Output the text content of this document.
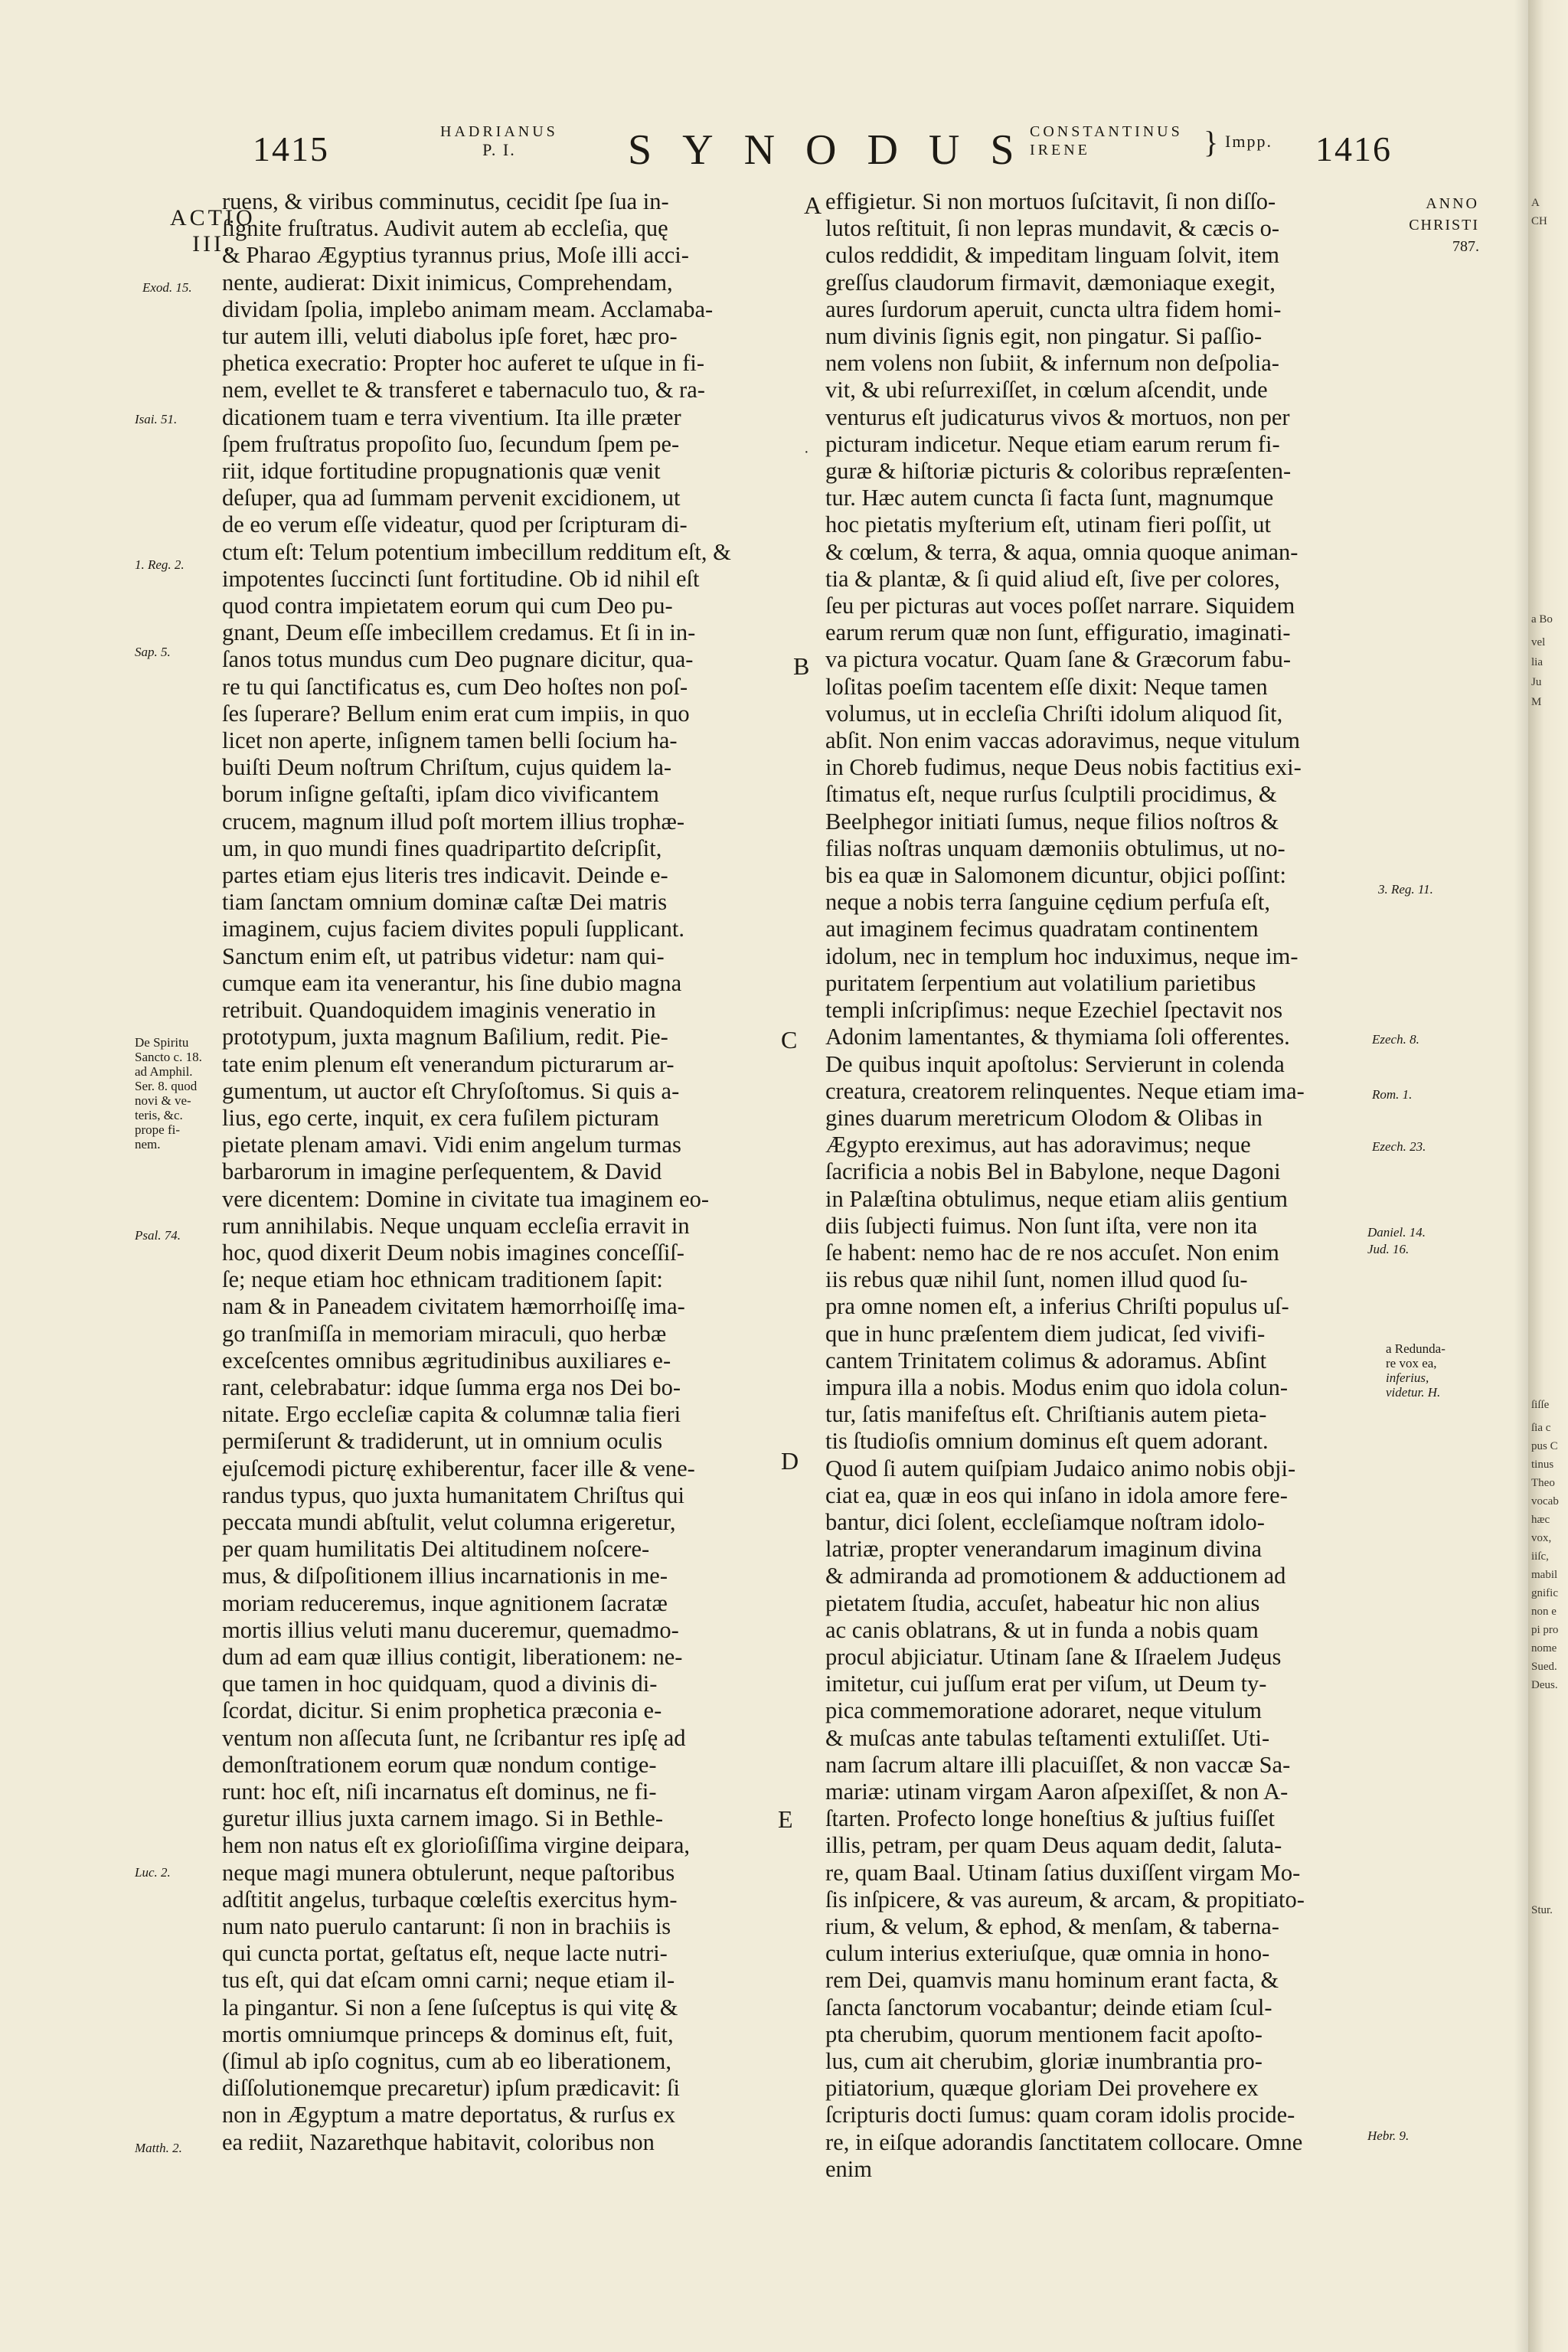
1415	HADRIANUS
P. I.	SYNODUS
CONSTANTINUS
IRENE	} Impp. 1416
ACTIO
III.
Exod. 15.
Isai. 51.
1. Reg. 2.
Sap. 5.
De Spiritu
Sancto c. 18.
ad Amphil.
Ser. 8. quod
novi & ve-
teris, &c.
prope fi-
nem.
Psal. 74.
Luc. 2.
Matth. 2.
A
B
C
D
E
·

ruens, & viribus comminutus, cecidit ſpe ſua in-

ſignite fruſtratus. Audivit autem ab eccleſia, quę

& Pharao Ægyptius tyrannus prius, Moſe illi acci-

nente, audierat: Dixit inimicus, Comprehendam,

dividam ſpolia, implebo animam meam. Acclamaba-

tur autem illi, veluti diabolus ipſe foret, hæc pro-

phetica execratio: Propter hoc auferet te uſque in fi-

nem, evellet te & transferet e tabernaculo tuo, & ra-

dicationem tuam e terra viventium. Ita ille præter

ſpem fruſtratus propoſito ſuo, ſecundum ſpem pe-

riit, idque fortitudine propugnationis quæ venit

deſuper, qua ad ſummam pervenit excidionem, ut

de eo verum eſſe videatur, quod per ſcripturam di-

ctum eſt: Telum potentium imbecillum redditum eſt, &

impotentes ſuccincti ſunt fortitudine. Ob id nihil eſt

quod contra impietatem eorum qui cum Deo pu-

gnant, Deum eſſe imbecillem credamus. Et ſi in in-

ſanos totus mundus cum Deo pugnare dicitur, qua-

re tu qui ſanctificatus es, cum Deo hoſtes non poſ-

ſes ſuperare? Bellum enim erat cum impiis, in quo

licet non aperte, inſignem tamen belli ſocium ha-

buiſti Deum noſtrum Chriſtum, cujus quidem la-

borum inſigne geſtaſti, ipſam dico vivificantem

crucem, magnum illud poſt mortem illius trophæ-

um, in quo mundi fines quadripartito deſcripſit,

partes etiam ejus literis tres indicavit. Deinde e-

tiam ſanctam omnium dominæ caſtæ Dei matris

imaginem, cujus faciem divites populi ſupplicant.

Sanctum enim eſt, ut patribus videtur: nam qui-

cumque eam ita venerantur, his ſine dubio magna

retribuit. Quandoquidem imaginis veneratio in

prototypum, juxta magnum Baſilium, redit. Pie-

tate enim plenum eſt venerandum picturarum ar-

gumentum, ut auctor eſt Chryſoſtomus. Si quis a-

lius, ego certe, inquit, ex cera fuſilem picturam

pietate plenam amavi. Vidi enim angelum turmas

barbarorum in imagine perſequentem, & David

vere dicentem: Domine in civitate tua imaginem eo-

rum annihilabis. Neque unquam eccleſia erravit in

hoc, quod dixerit Deum nobis imagines conceſſiſ-

ſe; neque etiam hoc ethnicam traditionem ſapit:

nam & in Paneadem civitatem hæmorrhoiſſę ima-

go tranſmiſſa in memoriam miraculi, quo herbæ

exceſcentes omnibus ægritudinibus auxiliares e-

rant, celebrabatur: idque ſumma erga nos Dei bo-

nitate. Ergo eccleſiæ capita & columnæ talia fieri

permiſerunt & tradiderunt, ut in omnium oculis

ejuſcemodi picturę exhiberentur, facer ille & vene-

randus typus, quo juxta humanitatem Chriſtus qui

peccata mundi abſtulit, velut columna erigeretur,

per quam humilitatis Dei altitudinem noſcere-

mus, & diſpoſitionem illius incarnationis in me-

moriam reduceremus, inque agnitionem ſacratæ

mortis illius veluti manu duceremur, quemadmo-

dum ad eam quæ illius contigit, liberationem: ne-

que tamen in hoc quidquam, quod a divinis di-

ſcordat, dicitur. Si enim prophetica præconia e-

ventum non aſſecuta ſunt, ne ſcribantur res ipſę ad

demonſtrationem eorum quæ nondum contige-

runt: hoc eſt, niſi incarnatus eſt dominus, ne fi-

guretur illius juxta carnem imago. Si in Bethle-

hem non natus eſt ex glorioſiſſima virgine deipara,

neque magi munera obtulerunt, neque paſtoribus

adſtitit angelus, turbaque cœleſtis exercitus hym-

num nato puerulo cantarunt: ſi non in brachiis is

qui cuncta portat, geſtatus eſt, neque lacte nutri-

tus eſt, qui dat eſcam omni carni; neque etiam il-

la pingantur. Si non a ſene ſuſceptus is qui vitę &

mortis omniumque princeps & dominus eſt, fuit,

(ſimul ab ipſo cognitus, cum ab eo liberationem,

diſſolutionemque precaretur) ipſum prædicavit: ſi

non in Ægyptum a matre deportatus, & rurſus ex

ea rediit, Nazarethque habitavit, coloribus non

effigietur. Si non mortuos ſuſcitavit, ſi non diſſo-

lutos reſtituit, ſi non lepras mundavit, & cæcis o-

culos reddidit, & impeditam linguam ſolvit, item

greſſus claudorum firmavit, dæmoniaque exegit,

aures ſurdorum aperuit, cuncta ultra fidem homi-

num divinis ſignis egit, non pingatur. Si paſſio-

nem volens non ſubiit, & infernum non deſpolia-

vit, & ubi reſurrexiſſet, in cœlum aſcendit, unde

venturus eſt judicaturus vivos & mortuos, non per

picturam indicetur. Neque etiam earum rerum fi-

guræ & hiſtoriæ picturis & coloribus repræſenten-

tur. Hæc autem cuncta ſi facta ſunt, magnumque

hoc pietatis myſterium eſt, utinam fieri poſſit, ut

& cœlum, & terra, & aqua, omnia quoque animan-

tia & plantæ, & ſi quid aliud eſt, ſive per colores,

ſeu per picturas aut voces poſſet narrare. Siquidem

earum rerum quæ non ſunt, effiguratio, imaginati-

va pictura vocatur. Quam ſane & Græcorum fabu-

loſitas poeſim tacentem eſſe dixit: Neque tamen

volumus, ut in eccleſia Chriſti idolum aliquod ſit,

abſit. Non enim vaccas adoravimus, neque vitulum

in Choreb fudimus, neque Deus nobis factitius exi-

ſtimatus eſt, neque rurſus ſculptili procidimus, &

Beelphegor initiati ſumus, neque filios noſtros &

filias noſtras unquam dæmoniis obtulimus, ut no-

bis ea quæ in Salomonem dicuntur, objici poſſint:

neque a nobis terra ſanguine cędium perfuſa eſt,

aut imaginem fecimus quadratam continentem

idolum, nec in templum hoc induximus, neque im-

puritatem ſerpentium aut volatilium parietibus

templi inſcripſimus: neque Ezechiel ſpectavit nos

Adonim lamentantes, & thymiama ſoli offerentes.

De quibus inquit apoſtolus: Servierunt in colenda

creatura, creatorem relinquentes. Neque etiam ima-

gines duarum meretricum Olodom & Olibas in

Ægypto ereximus, aut has adoravimus; neque

ſacrificia a nobis Bel in Babylone, neque Dagoni

in Palæſtina obtulimus, neque etiam aliis gentium

diis ſubjecti fuimus. Non ſunt iſta, vere non ita

ſe habent: nemo hac de re nos accuſet. Non enim

iis rebus quæ nihil ſunt, nomen illud quod ſu-

pra omne nomen eſt, a inferius Chriſti populus uſ-

que in hunc præſentem diem judicat, ſed vivifi-

cantem Trinitatem colimus & adoramus. Abſint

impura illa a nobis. Modus enim quo idola colun-

tur, ſatis manifeſtus eſt. Chriſtianis autem pieta-

tis ſtudioſis omnium dominus eſt quem adorant.

Quod ſi autem quiſpiam Judaico animo nobis obji-

ciat ea, quæ in eos qui inſano in idola amore fere-

bantur, dici ſolent, eccleſiamque noſtram idolo-

latriæ, propter venerandarum imaginum divina

& admiranda ad promotionem & adductionem ad

pietatem ſtudia, accuſet, habeatur hic non alius

ac canis oblatrans, & ut in funda a nobis quam

procul abjiciatur. Utinam ſane & Iſraelem Judęus

imitetur, cui juſſum erat per viſum, ut Deum ty-

pica commemoratione adoraret, neque vitulum

& muſcas ante tabulas teſtamenti extuliſſet. Uti-

nam ſacrum altare illi placuiſſet, & non vaccæ Sa-

mariæ: utinam virgam Aaron aſpexiſſet, & non A-

ſtarten. Profecto longe honeſtius & juſtius fuiſſet

illis, petram, per quam Deus aquam dedit, ſaluta-

re, quam Baal. Utinam ſatius duxiſſent virgam Mo-

ſis inſpicere, & vas aureum, & arcam, & propitiato-

rium, & velum, & ephod, & menſam, & taberna-

culum interius exteriuſque, quæ omnia in hono-

rem Dei, quamvis manu hominum erant facta, &

ſancta ſanctorum vocabantur; deinde etiam ſcul-

pta cherubim, quorum mentionem facit apoſto-

lus, cum ait cherubim, gloriæ inumbrantia pro-

pitiatorium, quæque gloriam Dei provehere ex

ſcripturis docti ſumus: quam coram idolis procide-

re, in eiſque adorandis ſanctitatem collocare. Omne

enim

ANNO
CHRISTI
787.
3. Reg. 11.
Ezech. 8.
Rom. 1.
Ezech. 23.
Daniel. 14.
Jud. 16.
a Redunda-
re vox ea,
inferius,
videtur. H.
Hebr. 9.
A
CH
a Bo
vel
lia
Ju
M
ſiſſe
ſia c
pus C
tinus
Theo
vocab
hæc
vox,
iiſc,
mabil
gnific
non e
pi pro
nome
Sued.
Deus.
Stur.
